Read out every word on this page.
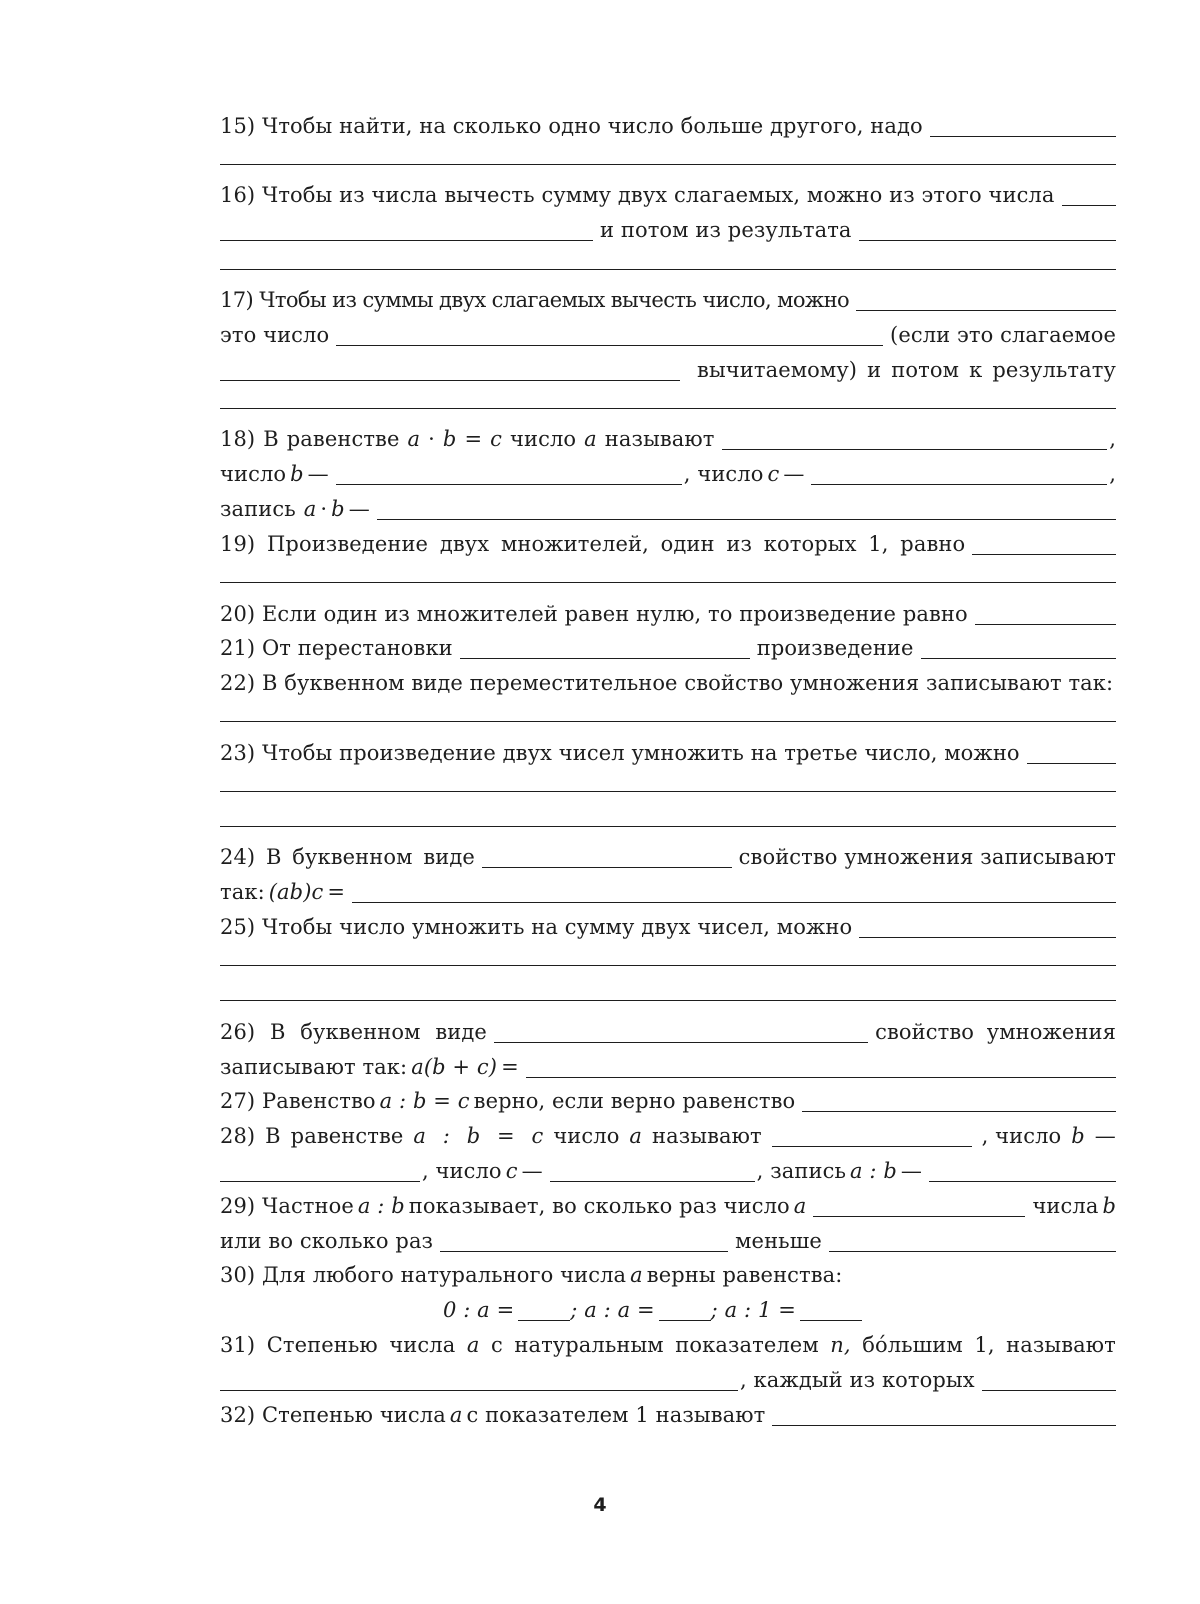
15) Чтобы найти, на сколько одно число больше другого, надо
16) Чтобы из числа вычесть сумму двух слагаемых, можно из этого числа
и потом из результата
17) Чтобы из суммы двух слагаемых вычесть число, можно
это число	(если это слагаемое
вычитаемому) и потом к результату
18) В равенстве a · b = c число a называют	,
число b —	, число c —	,
запись a · b —
19) Произведение двух множителей, один из которых 1, равно
20) Если один из множителей равен нулю, то произведение равно
21) От перестановки	произведение
22) В буквенном виде переместительное свойство умножения записывают так:
23) Чтобы произведение двух чисел умножить на третье число, можно
24) В буквенном виде	свойство умножения записывают
так: (ab)c =
25) Чтобы число умножить на сумму двух чисел, можно
26) В буквенном виде	свойство умножения
записывают так: a(b + c) =
27) Равенство a : b = c верно, если верно равенство
28) В равенстве a : b = c число a называют	, число b —
, число c —	, запись a : b —
29) Частное a : b показывает, во сколько раз число a	числа b
или во сколько раз	меньше
30) Для любого натурального числа a верны равенства:
0 : a =	; a : a =	; a : 1 =
31) Степенью числа a с натуральным показателем n, бóльшим 1, называют
, каждый из которых
32) Степенью числа a с показателем 1 называют
4
